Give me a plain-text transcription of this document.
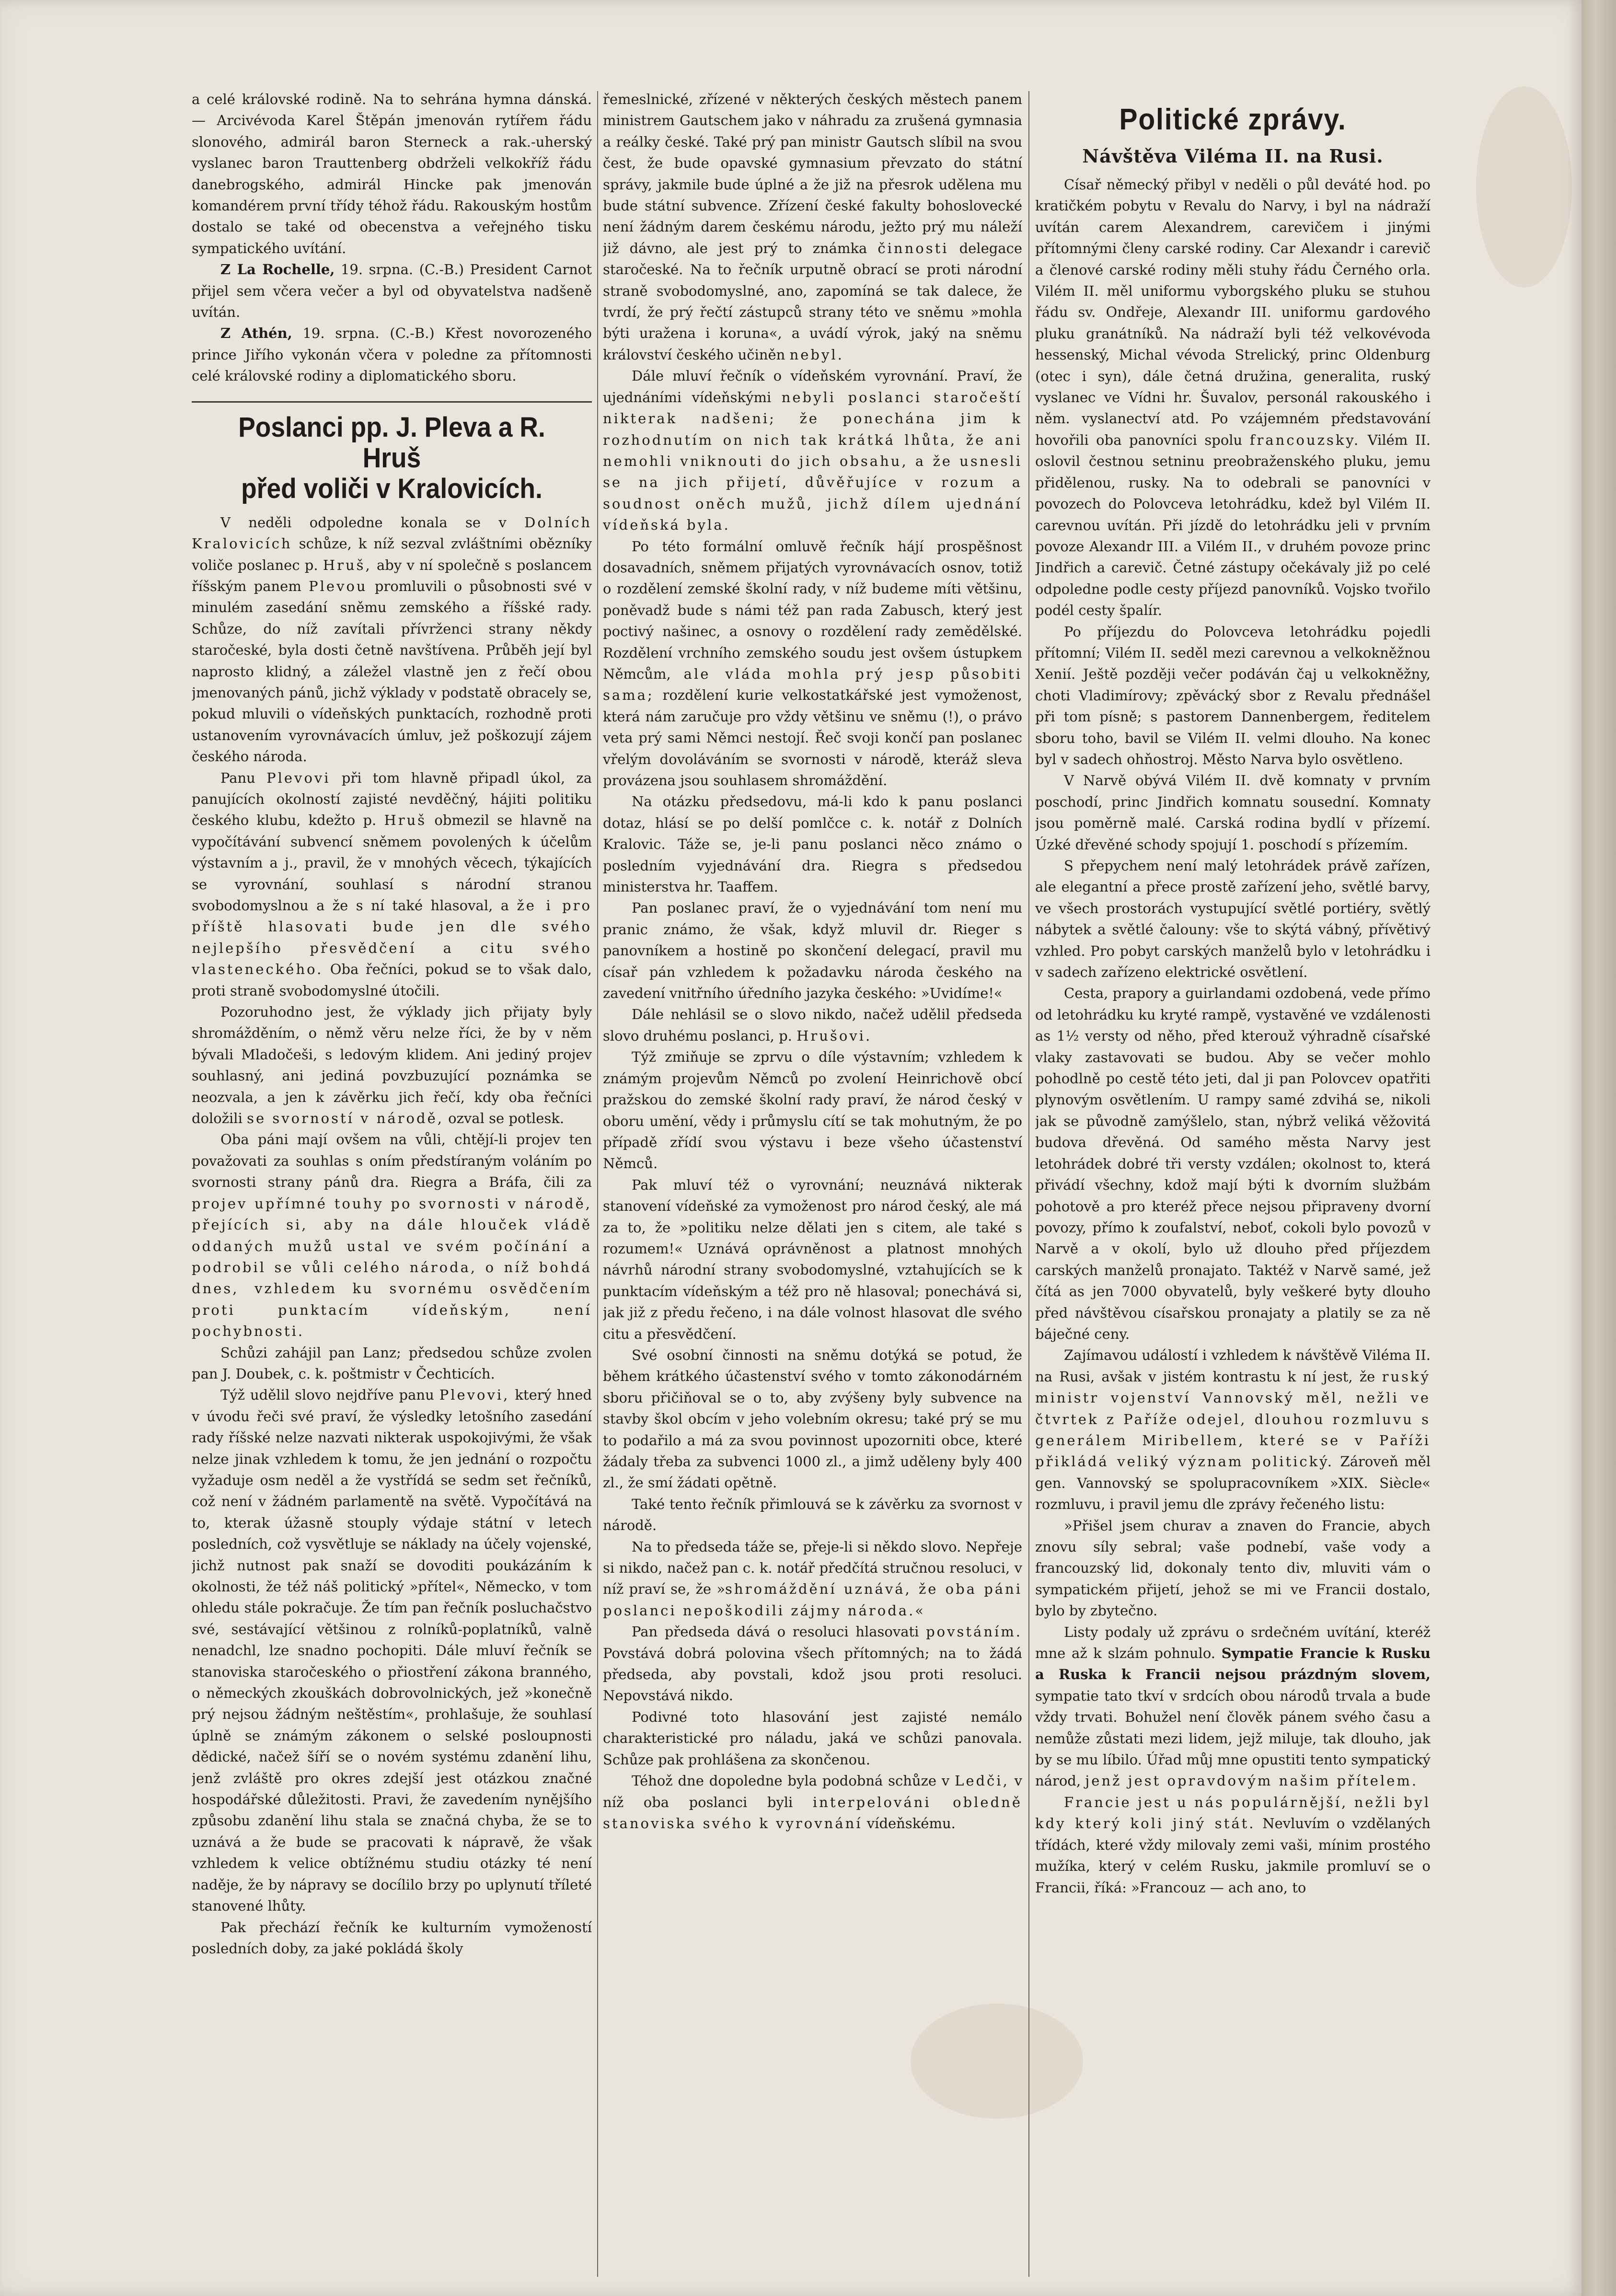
a celé královské rodině. Na to sehrána hymna dánská. — Arcivévoda Karel Štěpán jmenován rytířem řádu slonového, admirál baron Sterneck a rak.-uherský vyslanec baron Trauttenberg obdrželi velkokříž řádu danebrogského, admirál Hincke pak jmenován komandérem první třídy téhož řádu. Rakouským hostům dostalo se také od obecenstva a veřejného tisku sympatického uvítání.

Z La Rochelle, 19. srpna. (C.-B.) President Carnot přijel sem včera večer a byl od obyvatelstva nadšeně uvítán.

Z Athén, 19. srpna. (C.-B.) Křest novorozeného prince Jiřího vykonán včera v poledne za přítomnosti celé královské rodiny a diplomatického sboru.

Poslanci pp. J. Pleva a R. Hruš
před voliči v Kralovicích.

V neděli odpoledne konala se v Dolních Kralovicích schůze, k níž sezval zvláštními obězníky voliče poslanec p. Hruš, aby v ní společně s poslancem říšským panem Plevou promluvili o působnosti své v minulém zasedání sněmu zemského a říšské rady. Schůze, do níž zavítali přívrženci strany někdy staročeské, byla dosti četně navštívena. Průběh její byl naprosto klidný, a záležel vlastně jen z řečí obou jmenovaných pánů, jichž výklady v podstatě obracely se, pokud mluvili o vídeňských punktacích, rozhodně proti ustanovením vyrovnávacích úmluv, jež poškozují zájem českého národa.

Panu Plevovi při tom hlavně připadl úkol, za panujících okolností zajisté nevděčný, hájiti politiku českého klubu, kdežto p. Hruš obmezil se hlavně na vypočítávání subvencí sněmem povolených k účelům výstavním a j., pravil, že v mnohých věcech, týkajících se vyrovnání, souhlasí s národní stranou svobodomyslnou a že s ní také hlasoval, a že i pro příště hlasovati bude jen dle svého nejlepšího přesvědčení a citu svého vlasteneckého. Oba řečníci, pokud se to však dalo, proti straně svobodomyslné útočili.

Pozoruhodno jest, že výklady jich přijaty byly shromážděním, o němž věru nelze říci, že by v něm bývali Mladočeši, s ledovým klidem. Ani jediný projev souhlasný, ani jediná povzbuzující poznámka se neozvala, a jen k závěrku jich řečí, kdy oba řečníci doložili se svorností v národě, ozval se potlesk.

Oba páni mají ovšem na vůli, chtějí-li projev ten považovati za souhlas s oním předstíraným voláním po svornosti strany pánů dra. Riegra a Bráfa, čili za projev upřímné touhy po svornosti v národě, přejících si, aby na dále hlouček vládě oddaných mužů ustal ve svém počínání a podrobil se vůli celého národa, o níž bohdá dnes, vzhledem ku svornému osvědčením proti punktacím vídeňským, není pochybnosti.

Schůzi zahájil pan Lanz; předsedou schůze zvolen pan J. Doubek, c. k. poštmistr v Čechticích.

Týž udělil slovo nejdříve panu Plevovi, který hned v úvodu řeči své praví, že výsledky letošního zasedání rady říšské nelze nazvati nikterak uspokojivými, že však nelze jinak vzhledem k tomu, že jen jednání o rozpočtu vyžaduje osm neděl a že vystřídá se sedm set řečníků, což není v žádném parlamentě na světě. Vypočítává na to, kterak úžasně stouply výdaje státní v letech posledních, což vysvětluje se náklady na účely vojenské, jichž nutnost pak snaží se dovoditi poukázáním k okolnosti, že též náš politický »přítel«, Německo, v tom ohledu stále pokračuje. Že tím pan řečník posluchačstvo své, sestávající většinou z rolníků-poplatníků, valně nenadchl, lze snadno pochopiti. Dále mluví řečník se stanoviska staročeského o přiostření zákona branného, o německých zkouškách dobrovolnických, jež »konečně prý nejsou žádným neštěstím«, prohlašuje, že souhlasí úplně se známým zákonem o selské posloupnosti dědické, načež šíří se o novém systému zdanění lihu, jenž zvláště pro okres zdejší jest otázkou značné hospodářské důležitosti. Pravi, že zavedením nynějšího způsobu zdanění lihu stala se značná chyba, že se to uznává a že bude se pracovati k nápravě, že však vzhledem k velice obtížnému studiu otázky té není naděje, že by nápravy se docílilo brzy po uplynutí tříleté stanovené lhůty.

Pak přechází řečník ke kulturním vymožeností posledních doby, za jaké pokládá školy

řemeslnické, zřízené v některých českých městech panem ministrem Gautschem jako v náhradu za zrušená gymnasia a reálky české. Také prý pan ministr Gautsch slíbil na svou čest, že bude opavské gymnasium převzato do státní správy, jakmile bude úplné a že již na přesrok udělena mu bude státní subvence. Zřízení české fakulty bohoslovecké není žádným darem českému národu, ježto prý mu náleží již dávno, ale jest prý to známka činnosti delegace staročeské. Na to řečník urputně obrací se proti národní straně svobodomyslné, ano, zapomíná se tak dalece, že tvrdí, že prý řečtí zástupců strany této ve sněmu »mohla býti uražena i koruna«, a uvádí výrok, jaký na sněmu království českého učiněn nebyl.

Dále mluví řečník o vídeňském vyrovnání. Praví, že ujednáními vídeňskými nebyli poslanci staročeští nikterak nadšeni; že ponechána jim k rozhodnutím on nich tak krátká lhůta, že ani nemohli vniknouti do jich obsahu, a že usnesli se na jich přijetí, důvěřujíce v rozum a soudnost oněch mužů, jichž dílem ujednání vídeňská byla.

Po této formální omluvě řečník hájí prospěšnost dosavadních, sněmem přijatých vyrovnávacích osnov, totiž o rozdělení zemské školní rady, v níž budeme míti většinu, poněvadž bude s námi též pan rada Zabusch, který jest poctivý našinec, a osnovy o rozdělení rady zemědělské. Rozdělení vrchního zemského soudu jest ovšem ústupkem Němcům, ale vláda mohla prý jesp působiti sama; rozdělení kurie velkostatkářské jest vymoženost, která nám zaručuje pro vždy většinu ve sněmu (!), o právo veta prý sami Němci nestojí. Řeč svoji končí pan poslanec vřelým dovoláváním se svornosti v národě, kteráž sleva provázena jsou souhlasem shromáždění.

Na otázku předsedovu, má-li kdo k panu poslanci dotaz, hlásí se po delší pomlčce c. k. notář z Dolních Kralovic. Táže se, je-li panu poslanci něco známo o posledním vyjednávání dra. Riegra s předsedou ministerstva hr. Taaffem.

Pan poslanec praví, že o vyjednávání tom není mu pranic známo, že však, když mluvil dr. Rieger s panovníkem a hostině po skončení delegací, pravil mu císař pán vzhledem k požadavku národa českého na zavedení vnitřního úředního jazyka českého: »Uvidíme!«

Dále nehlásil se o slovo nikdo, načež udělil předseda slovo druhému poslanci, p. Hrušovi.

Týž zmiňuje se zprvu o díle výstavním; vzhledem k známým projevům Němců po zvolení Heinrichově obcí pražskou do zemské školní rady praví, že národ český v oboru umění, vědy i průmyslu cítí se tak mohutným, že po případě zřídí svou výstavu i beze všeho účastenství Němců.

Pak mluví též o vyrovnání; neuznává nikterak stanovení vídeňské za vymoženost pro národ český, ale má za to, že »politiku nelze dělati jen s citem, ale také s rozumem!« Uznává oprávněnost a platnost mnohých návrhů národní strany svobodomyslné, vztahujících se k punktacím vídeňským a též pro ně hlasoval; ponechává si, jak již z předu řečeno, i na dále volnost hlasovat dle svého citu a přesvědčení.

Své osobní činnosti na sněmu dotýká se potud, že během krátkého účastenství svého v tomto zákonodárném sboru přičiňoval se o to, aby zvýšeny byly subvence na stavby škol obcím v jeho volebním okresu; také prý se mu to podařilo a má za svou povinnost upozorniti obce, které žádaly třeba za subvenci 1000 zl., a jimž uděleny byly 400 zl., že smí žádati opětně.

Také tento řečník přimlouvá se k závěrku za svornost v národě.

Na to předseda táže se, přeje-li si někdo slovo. Nepřeje si nikdo, načež pan c. k. notář předčítá stručnou resoluci, v níž praví se, že »shromáždění uznává, že oba páni poslanci nepoškodili zájmy národa.«

Pan předseda dává o resoluci hlasovati povstáním. Povstává dobrá polovina všech přítomných; na to žádá předseda, aby povstali, kdož jsou proti resoluci. Nepovstává nikdo.

Podivné toto hlasování jest zajisté nemálo charakteristické pro náladu, jaká ve schůzi panovala. Schůze pak prohlášena za skončenou.

Téhož dne dopoledne byla podobná schůze v Ledči, v níž oba poslanci byli interpelováni obledně stanoviska svého k vyrovnání vídeňskému.

Politické zprávy.
Návštěva Viléma II. na Rusi.

Císař německý přibyl v neděli o půl deváté hod. po kratičkém pobytu v Revalu do Narvy, i byl na nádraží uvítán carem Alexandrem, carevičem i jinými přítomnými členy carské rodiny. Car Alexandr i carevič a členové carské rodiny měli stuhy řádu Černého orla. Vilém II. měl uniformu vyborgského pluku se stuhou řádu sv. Ondřeje, Alexandr III. uniformu gardového pluku granátníků. Na nádraží byli též velkovévoda hessenský, Michal vévoda Strelický, princ Oldenburg (otec i syn), dále četná družina, generalita, ruský vyslanec ve Vídni hr. Šuvalov, personál rakouského i něm. vyslanectví atd. Po vzájemném představování hovořili oba panovníci spolu francouzsky. Vilém II. oslovil čestnou setninu preobraženského pluku, jemu přidělenou, rusky. Na to odebrali se panovníci v povozech do Polovceva letohrádku, kdež byl Vilém II. carevnou uvítán. Při jízdě do letohrádku jeli v prvním povoze Alexandr III. a Vilém II., v druhém povoze princ Jindřich a carevič. Četné zástupy očekávaly již po celé odpoledne podle cesty příjezd panovníků. Vojsko tvořilo podél cesty špalír.

Po příjezdu do Polovceva letohrádku pojedli přítomní; Vilém II. seděl mezi carevnou a velkokněžnou Xenií. Ještě později večer podáván čaj u velkokněžny, choti Vladimírovy; zpěvácký sbor z Revalu přednášel při tom písně; s pastorem Dannenbergem, ředitelem sboru toho, bavil se Vilém II. velmi dlouho. Na konec byl v sadech ohňostroj. Město Narva bylo osvětleno.

V Narvě obývá Vilém II. dvě komnaty v prvním poschodí, princ Jindřich komnatu sousední. Komnaty jsou poměrně malé. Carská rodina bydlí v přízemí. Úzké dřevěné schody spojují 1. poschodí s přízemím.

S přepychem není malý letohrádek právě zařízen, ale elegantní a přece prostě zařízení jeho, světlé barvy, ve všech prostorách vystupující světlé portiéry, světlý nábytek a světlé čalouny: vše to skýtá vábný, přívětivý vzhled. Pro pobyt carských manželů bylo v letohrádku i v sadech zařízeno elektrické osvětlení.

Cesta, prapory a guirlandami ozdobená, vede přímo od letohrádku ku kryté rampě, vystavěné ve vzdálenosti as 1½ versty od něho, před kterouž výhradně císařské vlaky zastavovati se budou. Aby se večer mohlo pohodlně po cestě této jeti, dal ji pan Polovcev opatřiti plynovým osvětlením. U rampy samé zdvihá se, nikoli jak se původně zamýšlelo, stan, nýbrž veliká věžovitá budova dřevěná. Od samého města Narvy jest letohrádek dobré tři versty vzdálen; okolnost to, která přivádí všechny, kdož mají býti k dvorním službám pohotově a pro kteréž přece nejsou připraveny dvorní povozy, přímo k zoufalství, neboť, cokoli bylo povozů v Narvě a v okolí, bylo už dlouho před příjezdem carských manželů pronajato. Taktéž v Narvě samé, jež čítá as jen 7000 obyvatelů, byly veškeré byty dlouho před návštěvou císařskou pronajaty a platily se za ně báječné ceny.

Zajímavou událostí i vzhledem k návštěvě Viléma II. na Rusi, avšak v jistém kontrastu k ní jest, že ruský ministr vojenství Vannovský měl, nežli ve čtvrtek z Paříže odejel, dlouhou rozmluvu s generálem Miribellem, které se v Paříži přikládá veliký význam politický. Zároveň měl gen. Vannovský se spolupracovníkem »XIX. Siècle« rozmluvu, i pravil jemu dle zprávy řečeného listu:

»Přišel jsem churav a znaven do Francie, abych znovu síly sebral; vaše podnebí, vaše vody a francouzský lid, dokonaly tento div, mluviti vám o sympatickém přijetí, jehož se mi ve Francii dostalo, bylo by zbytečno.

Listy podaly už zprávu o srdečném uvítání, kteréž mne až k slzám pohnulo. Sympatie Francie k Rusku a Ruska k Francii nejsou prázdným slovem, sympatie tato tkví v srdcích obou národů trvala a bude vždy trvati. Bohužel není člověk pánem svého času a nemůže zůstati mezi lidem, jejž miluje, tak dlouho, jak by se mu líbilo. Úřad můj mne opustiti tento sympatický národ, jenž jest opravdovým našim přítelem.

Francie jest u nás populárnější, nežli byl kdy který koli jiný stát. Nevluvím o vzdělaných třídách, které vždy milovaly zemi vaši, mínim prostého mužíka, který v celém Rusku, jakmile promluví se o Francii, říká: »Francouz — ach ano, to
